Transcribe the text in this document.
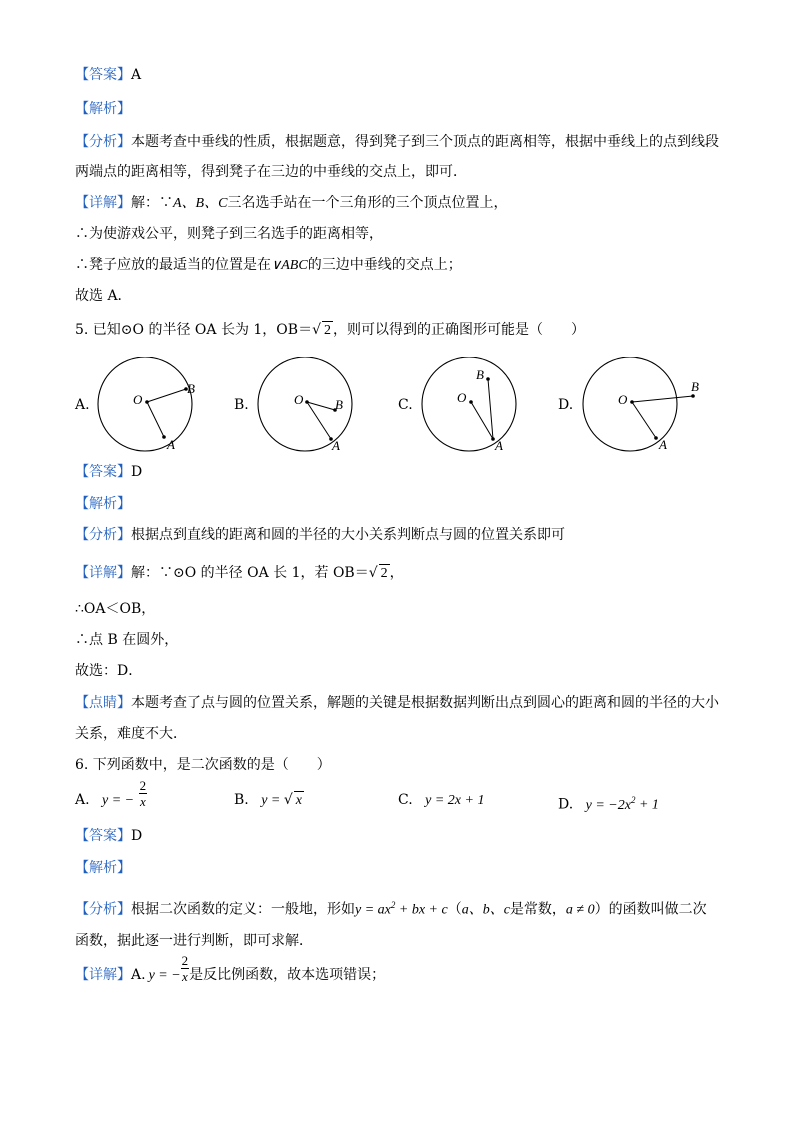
【答案】A
【解析】
【分析】本题考查中垂线的性质，根据题意，得到凳子到三个顶点的距离相等，根据中垂线上的点到线段
两端点的距离相等，得到凳子在三边的中垂线的交点上，即可．
【详解】解：∵A、B、C三名选手站在一个三角形的三个顶点位置上，
∴为使游戏公平，则凳子到三名选手的距离相等，
∴凳子应放的最适当的位置是在∨ABC的三边中垂线的交点上；
故选 A．
5. 已知⊙O 的半径 OA 长为 1，OB＝√ 2 ，则可以得到的正确图形可能是（　　）
A.	O
A
B
B.	O
A
B	C.	O
A
B
D.	O
A
B
【答案】D
【解析】
【分析】根据点到直线的距离和圆的半径的大小关系判断点与圆的位置关系即可
【详解】解：∵⊙O 的半径 OA 长 1，若 OB＝√ 2 ，
∴OA＜OB，
∴点 B 在圆外，
故选：D．
【点睛】本题考查了点与圆的位置关系，解题的关键是根据数据判断出点到圆心的距离和圆的半径的大小
关系，难度不大．
6. 下列函数中，是二次函数的是（　　）
A. y = − $\frac{2}{x}$	B. y = √ x	C. y = 2x + 1	D. $y = -2x^2 + 1$
【答案】D
【解析】
【分析】根据二次函数的定义：一般地，形如$y = ax^2$ + bx + c（a、b、c是常数，a ≠ 0）的函数叫做二次
函数，据此逐一进行判断，即可求解．
【详解】A. y = − $\frac{2}{x}$ 是反比例函数，故本选项错误；
